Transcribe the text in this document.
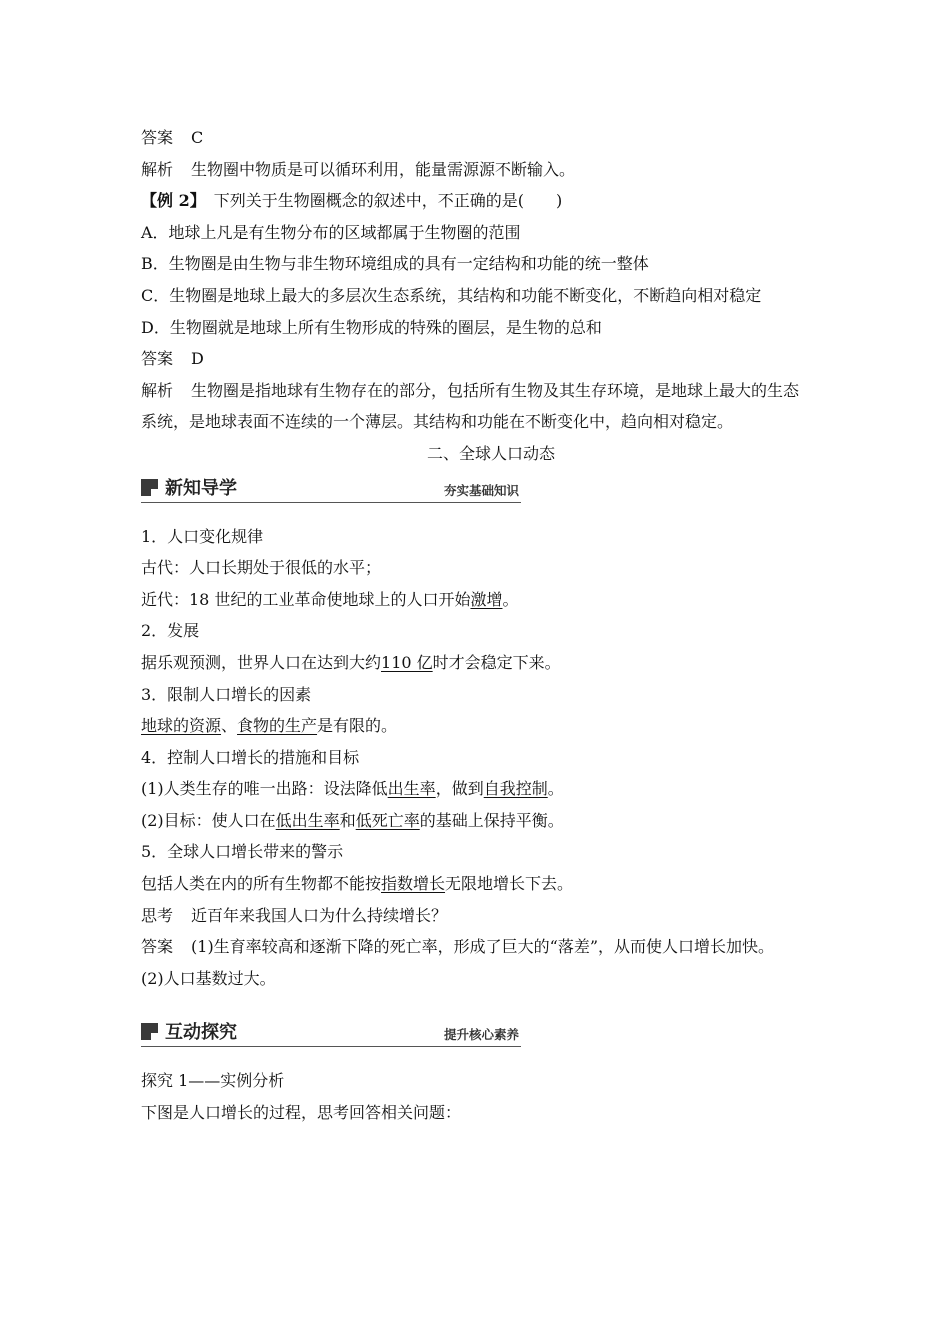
答案 C
解析 生物圈中物质是可以循环利用，能量需源源不断输入。
【例 2】 下列关于生物圈概念的叙述中，不正确的是(　　)
A．地球上凡是有生物分布的区域都属于生物圈的范围
B．生物圈是由生物与非生物环境组成的具有一定结构和功能的统一整体
C．生物圈是地球上最大的多层次生态系统，其结构和功能不断变化，不断趋向相对稳定
D．生物圈就是地球上所有生物形成的特殊的圈层，是生物的总和
答案 D
解析 生物圈是指地球有生物存在的部分，包括所有生物及其生存环境，是地球上最大的生态
系统，是地球表面不连续的一个薄层。其结构和功能在不断变化中，趋向相对稳定。
二、全球人口动态
新知导学	夯实基础知识
1．人口变化规律
古代：人口长期处于很低的水平；
近代：18 世纪的工业革命使地球上的人口开始激增。
2．发展
据乐观预测，世界人口在达到大约110 亿时才会稳定下来。
3．限制人口增长的因素
地球的资源、食物的生产是有限的。
4．控制人口增长的措施和目标
(1)人类生存的唯一出路：设法降低出生率，做到自我控制。
(2)目标：使人口在低出生率和低死亡率的基础上保持平衡。
5．全球人口增长带来的警示
包括人类在内的所有生物都不能按指数增长无限地增长下去。
思考 近百年来我国人口为什么持续增长？
答案 (1)生育率较高和逐渐下降的死亡率，形成了巨大的“落差”，从而使人口增长加快。
(2)人口基数过大。
互动探究	提升核心素养
探究 1——实例分析
下图是人口增长的过程，思考回答相关问题：
